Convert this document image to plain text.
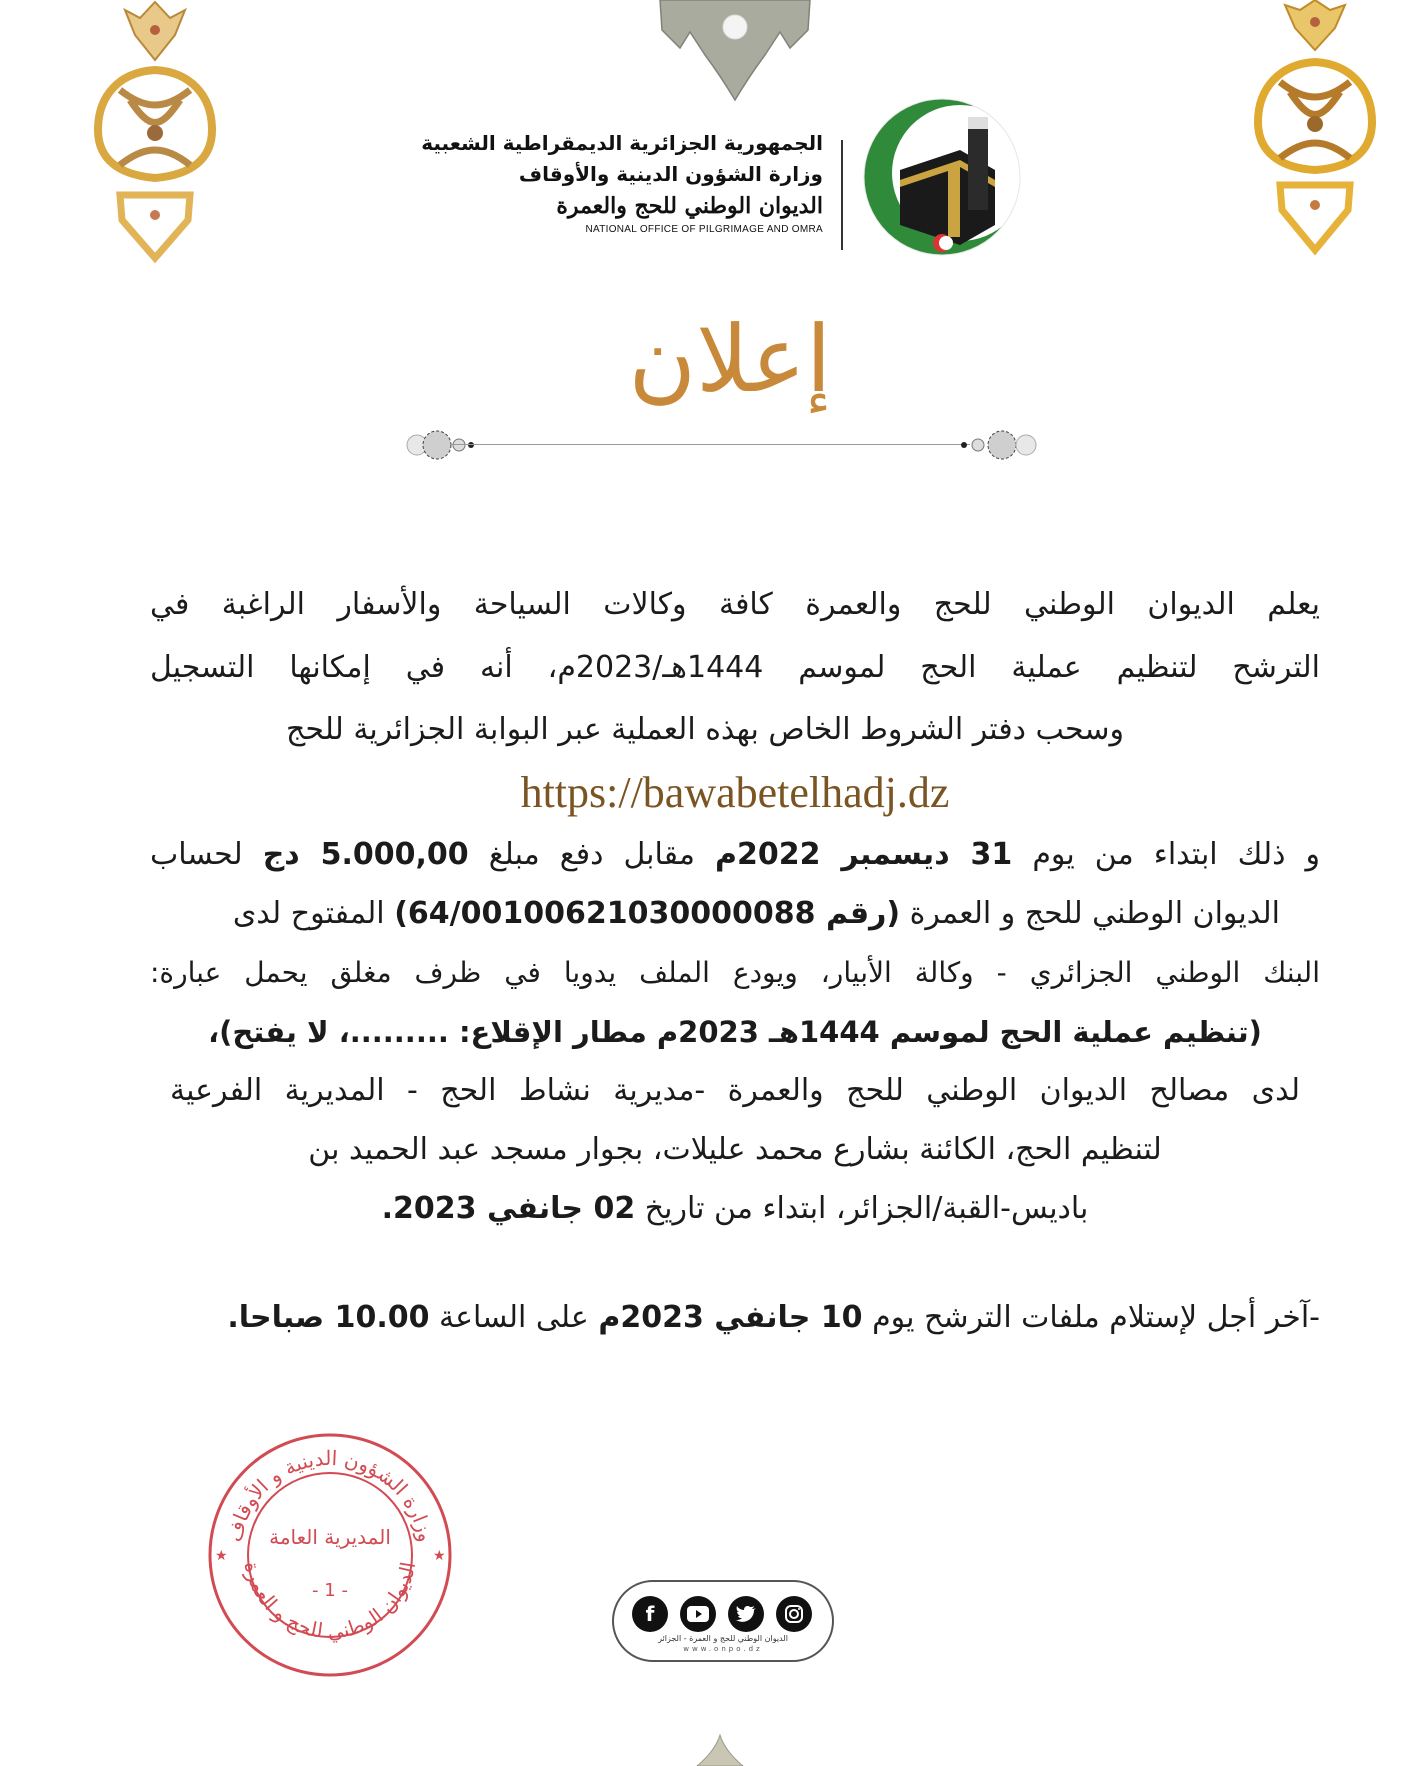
الجمهورية الجزائرية الديمقراطية الشعبية
وزارة الشؤون الدينية والأوقاف
الديوان الوطني للحج والعمرة
NATIONAL OFFICE OF PILGRIMAGE AND OMRA
إعلان
يعلم الديوان الوطني للحج والعمرة كافة وكالات السياحة والأسفار الراغبة في
الترشح لتنظيم عملية الحج لموسم 1444هـ/2023م، أنه في إمكانها التسجيل
وسحب دفتر الشروط الخاص بهذه العملية عبر البوابة الجزائرية للحج
https://bawabetelhadj.dz
و ذلك ابتداء من يوم 31 ديسمبر 2022م مقابل دفع مبلغ 5.000,00 دج لحساب
الديوان الوطني للحج و العمرة (رقم 64/00100621030000088) المفتوح لدى
البنك الوطني الجزائري - وكالة الأبيار، ويودع الملف يدويا في ظرف مغلق يحمل عبارة:
(تنظيم عملية الحج لموسم 1444هـ 2023م مطار الإقلاع: .........، لا يفتح)،
لدى مصالح الديوان الوطني للحج والعمرة -مديرية نشاط الحج - المديرية الفرعية
لتنظيم الحج، الكائنة بشارع محمد عليلات، بجوار مسجد عبد الحميد بن
باديس-القبة/الجزائر، ابتداء من تاريخ 02 جانفي 2023.
-آخر أجل لإستلام ملفات الترشح يوم 10 جانفي 2023م على الساعة 10.00 صباحا.
وزارة الشؤون الدينية و الأوقاف
الديوان الوطني للحج و العمرة
★	★
المديرية العامة
- 1 -
f
الديوان الوطني للحج و العمرة - الجزائر
www.onpo.dz
